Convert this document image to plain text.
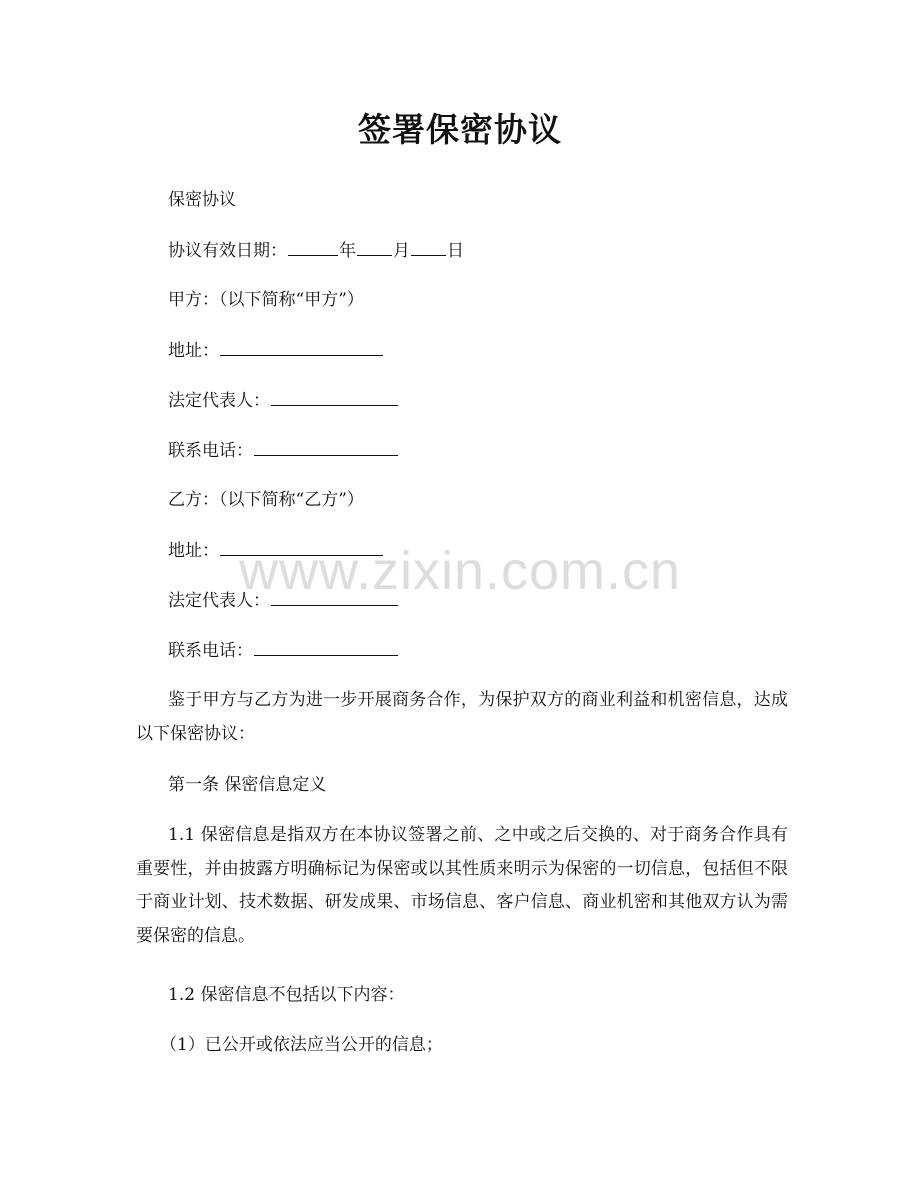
签署保密协议
保密协议
协议有效日期：	年 月 日
甲方：（以下简称“甲方”）
地址：
法定代表人：
联系电话：
乙方：（以下简称“乙方”）
地址：
法定代表人：
联系电话：
鉴于甲方与乙方为进一步开展商务合作，为保护双方的商业利益和机密信息，达成以下保密协议：
第一条 保密信息定义
1.1 保密信息是指双方在本协议签署之前、之中或之后交换的、对于商务合作具有重要性，并由披露方明确标记为保密或以其性质来明示为保密的一切信息，包括但不限于商业计划、技术数据、研发成果、市场信息、客户信息、商业机密和其他双方认为需要保密的信息。
1.2 保密信息不包括以下内容：
（1）已公开或依法应当公开的信息；
www.zixin.com.cn
